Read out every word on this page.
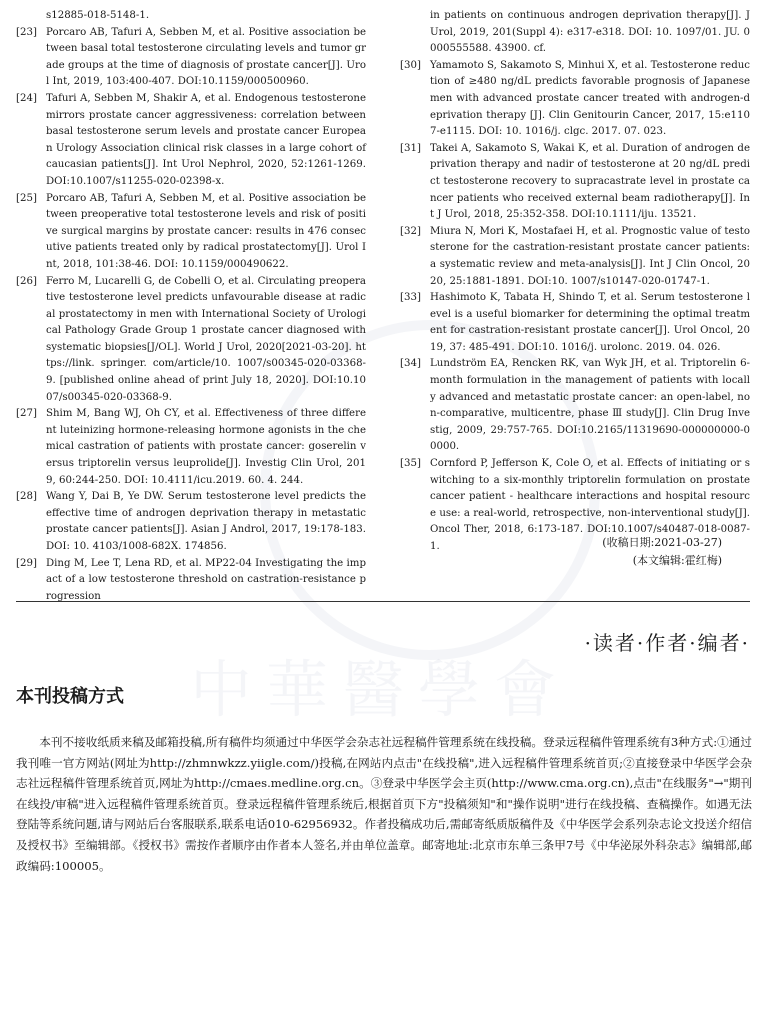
中華醫學會
s12885-018-5148-1.
[23] Porcaro AB, Tafuri A, Sebben M, et al. Positive association between basal total testosterone circulating levels and tumor grade groups at the time of diagnosis of prostate cancer[J]. Urol Int, 2019, 103:400-407. DOI:10.1159/000500960.
[24] Tafuri A, Sebben M, Shakir A, et al. Endogenous testosterone mirrors prostate cancer aggressiveness: correlation between basal testosterone serum levels and prostate cancer European Urology Association clinical risk classes in a large cohort of caucasian patients[J]. Int Urol Nephrol, 2020, 52:1261-1269. DOI:10.1007/s11255-020-02398-x.
[25] Porcaro AB, Tafuri A, Sebben M, et al. Positive association between preoperative total testosterone levels and risk of positive surgical margins by prostate cancer: results in 476 consecutive patients treated only by radical prostatectomy[J]. Urol Int, 2018, 101:38-46. DOI: 10.1159/000490622.
[26] Ferro M, Lucarelli G, de Cobelli O, et al. Circulating preoperative testosterone level predicts unfavourable disease at radical prostatectomy in men with International Society of Urological Pathology Grade Group 1 prostate cancer diagnosed with systematic biopsies[J/OL]. World J Urol, 2020[2021-03-20]. https://link. springer. com/article/10. 1007/s00345-020-03368-9. [published online ahead of print July 18, 2020]. DOI:10.1007/s00345-020-03368-9.
[27] Shim M, Bang WJ, Oh CY, et al. Effectiveness of three different luteinizing hormone-releasing hormone agonists in the chemical castration of patients with prostate cancer: goserelin versus triptorelin versus leuprolide[J]. Investig Clin Urol, 2019, 60:244-250. DOI: 10.4111/icu.2019. 60. 4. 244.
[28] Wang Y, Dai B, Ye DW. Serum testosterone level predicts the effective time of androgen deprivation therapy in metastatic prostate cancer patients[J]. Asian J Androl, 2017, 19:178-183. DOI: 10. 4103/1008-682X. 174856.
[29] Ding M, Lee T, Lena RD, et al. MP22-04 Investigating the impact of a low testosterone threshold on castration-resistance progression
in patients on continuous androgen deprivation therapy[J]. J Urol, 2019, 201(Suppl 4): e317-e318. DOI: 10. 1097/01. JU. 0000555588. 43900. cf.
[30] Yamamoto S, Sakamoto S, Minhui X, et al. Testosterone reduction of ≥480 ng/dL predicts favorable prognosis of Japanese men with advanced prostate cancer treated with androgen-deprivation therapy [J]. Clin Genitourin Cancer, 2017, 15:e1107-e1115. DOI: 10. 1016/j. clgc. 2017. 07. 023.
[31] Takei A, Sakamoto S, Wakai K, et al. Duration of androgen deprivation therapy and nadir of testosterone at 20 ng/dL predict testosterone recovery to supracastrate level in prostate cancer patients who received external beam radiotherapy[J]. Int J Urol, 2018, 25:352-358. DOI:10.1111/iju. 13521.
[32] Miura N, Mori K, Mostafaei H, et al. Prognostic value of testosterone for the castration-resistant prostate cancer patients: a systematic review and meta-analysis[J]. Int J Clin Oncol, 2020, 25:1881-1891. DOI:10. 1007/s10147-020-01747-1.
[33] Hashimoto K, Tabata H, Shindo T, et al. Serum testosterone level is a useful biomarker for determining the optimal treatment for castration-resistant prostate cancer[J]. Urol Oncol, 2019, 37: 485-491. DOI:10. 1016/j. urolonc. 2019. 04. 026.
[34] Lundström EA, Rencken RK, van Wyk JH, et al. Triptorelin 6-month formulation in the management of patients with locally advanced and metastatic prostate cancer: an open-label, non-comparative, multicentre, phase Ⅲ study[J]. Clin Drug Investig, 2009, 29:757-765. DOI:10.2165/11319690-000000000-00000.
[35] Cornford P, Jefferson K, Cole O, et al. Effects of initiating or switching to a six-monthly triptorelin formulation on prostate cancer patient - healthcare interactions and hospital resource use: a real-world, retrospective, non-interventional study[J]. Oncol Ther, 2018, 6:173-187. DOI:10.1007/s40487-018-0087-1.	(收稿日期:2021-03-27)
(本文编辑:霍红梅)
·读者·作者·编者·
本刊投稿方式
本刊不接收纸质来稿及邮箱投稿,所有稿件均须通过中华医学会杂志社远程稿件管理系统在线投稿。登录远程稿件管理系统有3种方式:①通过我刊唯一官方网站(网址为http://zhmnwkzz.yiigle.com/)投稿,在网站内点击"在线投稿",进入远程稿件管理系统首页;②直接登录中华医学会杂志社远程稿件管理系统首页,网址为http://cmaes.medline.org.cn。③登录中华医学会主页(http://www.cma.org.cn),点击"在线服务"→"期刊在线投/审稿"进入远程稿件管理系统首页。登录远程稿件管理系统后,根据首页下方"投稿须知"和"操作说明"进行在线投稿、查稿操作。如遇无法登陆等系统问题,请与网站后台客服联系,联系电话010-62956932。作者投稿成功后,需邮寄纸质版稿件及《中华医学会系列杂志论文投送介绍信及授权书》至编辑部。《授权书》需按作者顺序由作者本人签名,并由单位盖章。邮寄地址:北京市东单三条甲7号《中华泌尿外科杂志》编辑部,邮政编码:100005。
